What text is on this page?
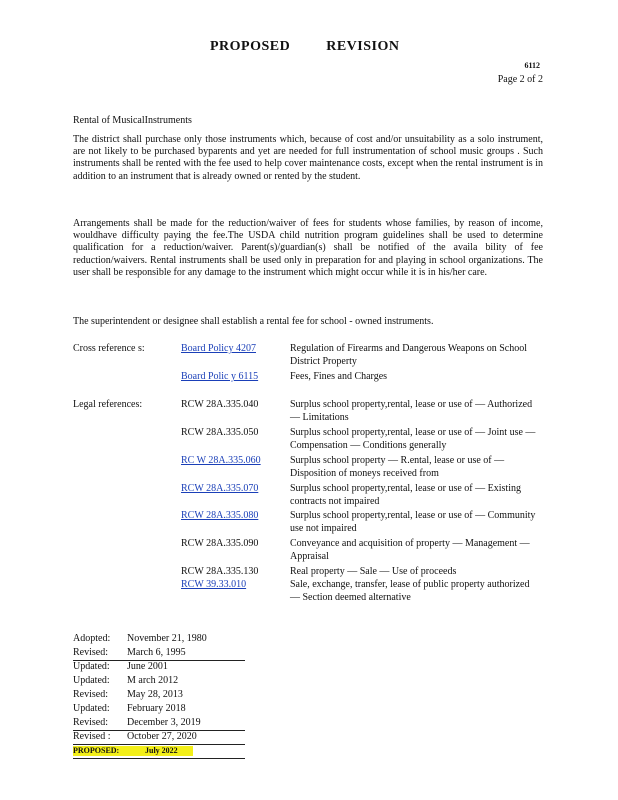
PROPOSED	REVISION
6112
Page 2 of 2
Rental of MusicalInstruments
The district shall purchase only those instruments which, because of cost and/or unsuitability as a solo instrument, are not likely to be purchased byparents and yet are needed for full instrumentation of school music groups . Such instruments shall be rented with the fee used to help cover maintenance costs, except when the rental instrument is in addition to an instrument that is already owned or rented by the student.
Arrangements shall be made for the reduction/waiver of fees for students whose families, by reason of income, wouldhave difficulty paying the fee.The USDA child nutrition program guidelines shall be used to determine qualification for a reduction/waiver. Parent(s)/guardian(s) shall be notified of the availa bility of fee reduction/waivers. Rental instruments shall be used only in preparation for and playing in school organizations. The user shall be responsible for any damage to the instrument which might occur while it is in his/her care.
The superintendent or designee shall establish a rental fee for school - owned instruments.
Cross reference s:	Board Policy 4207	Regulation of Firearms and Dangerous Weapons on School District Property
Board Polic y 6115	Fees, Fines and Charges
Legal references:	RCW 28A.335.040	Surplus school property,rental, lease or use of — Authorized — Limitations
RCW 28A.335.050	Surplus school property,rental, lease or use of — Joint use — Compensation — Conditions generally
RC W 28A.335.060	Surplus school property — R.ental, lease or use of — Disposition of moneys received from
RCW 28A.335.070	Surplus school property,rental, lease or use of — Existing contracts not impaired
RCW 28A.335.080	Surplus school property,rental, lease or use of — Community use not impaired
RCW 28A.335.090	Conveyance and acquisition of property — Management — Appraisal
RCW 28A.335.130	Real property — Sale — Use of proceeds
RCW 39.33.010	Sale, exchange, transfer, lease of public property authorized — Section deemed alternative
Adopted: November 21, 1980
Revised: March 6, 1995
Updated: June 2001
Updated: M arch 2012
Revised: May 28, 2013
Updated: February 2018
Revised: December 3, 2019
Revised : October 27, 2020
PROPOSED:	July 2022
